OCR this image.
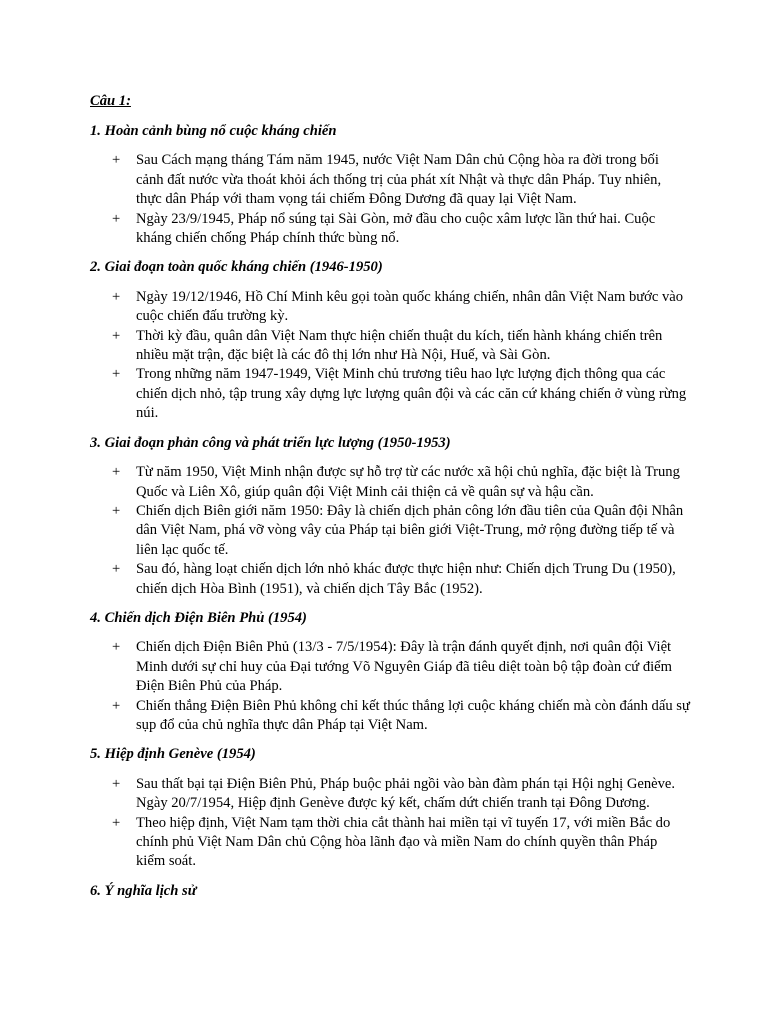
Câu 1:
1. Hoàn cảnh bùng nổ cuộc kháng chiến
+ Sau Cách mạng tháng Tám năm 1945, nước Việt Nam Dân chủ Cộng hòa ra đời trong bối cảnh đất nước vừa thoát khỏi ách thống trị của phát xít Nhật và thực dân Pháp. Tuy nhiên, thực dân Pháp với tham vọng tái chiếm Đông Dương đã quay lại Việt Nam.
+ Ngày 23/9/1945, Pháp nổ súng tại Sài Gòn, mở đầu cho cuộc xâm lược lần thứ hai. Cuộc kháng chiến chống Pháp chính thức bùng nổ.
2. Giai đoạn toàn quốc kháng chiến (1946-1950)
+ Ngày 19/12/1946, Hồ Chí Minh kêu gọi toàn quốc kháng chiến, nhân dân Việt Nam bước vào cuộc chiến đấu trường kỳ.
+ Thời kỳ đầu, quân dân Việt Nam thực hiện chiến thuật du kích, tiến hành kháng chiến trên nhiều mặt trận, đặc biệt là các đô thị lớn như Hà Nội, Huế, và Sài Gòn.
+ Trong những năm 1947-1949, Việt Minh chủ trương tiêu hao lực lượng địch thông qua các chiến dịch nhỏ, tập trung xây dựng lực lượng quân đội và các căn cứ kháng chiến ở vùng rừng núi.
3. Giai đoạn phản công và phát triển lực lượng (1950-1953)
+ Từ năm 1950, Việt Minh nhận được sự hỗ trợ từ các nước xã hội chủ nghĩa, đặc biệt là Trung Quốc và Liên Xô, giúp quân đội Việt Minh cải thiện cả về quân sự và hậu cần.
+ Chiến dịch Biên giới năm 1950: Đây là chiến dịch phản công lớn đầu tiên của Quân đội Nhân dân Việt Nam, phá vỡ vòng vây của Pháp tại biên giới Việt-Trung, mở rộng đường tiếp tế và liên lạc quốc tế.
+ Sau đó, hàng loạt chiến dịch lớn nhỏ khác được thực hiện như: Chiến dịch Trung Du (1950), chiến dịch Hòa Bình (1951), và chiến dịch Tây Bắc (1952).
4. Chiến dịch Điện Biên Phủ (1954)
+ Chiến dịch Điện Biên Phủ (13/3 - 7/5/1954): Đây là trận đánh quyết định, nơi quân đội Việt Minh dưới sự chỉ huy của Đại tướng Võ Nguyên Giáp đã tiêu diệt toàn bộ tập đoàn cứ điểm Điện Biên Phủ của Pháp.
+ Chiến thắng Điện Biên Phủ không chỉ kết thúc thắng lợi cuộc kháng chiến mà còn đánh dấu sự sụp đổ của chủ nghĩa thực dân Pháp tại Việt Nam.
5. Hiệp định Genève (1954)
+ Sau thất bại tại Điện Biên Phủ, Pháp buộc phải ngồi vào bàn đàm phán tại Hội nghị Genève. Ngày 20/7/1954, Hiệp định Genève được ký kết, chấm dứt chiến tranh tại Đông Dương.
+ Theo hiệp định, Việt Nam tạm thời chia cắt thành hai miền tại vĩ tuyến 17, với miền Bắc do chính phủ Việt Nam Dân chủ Cộng hòa lãnh đạo và miền Nam do chính quyền thân Pháp kiểm soát.
6. Ý nghĩa lịch sử
